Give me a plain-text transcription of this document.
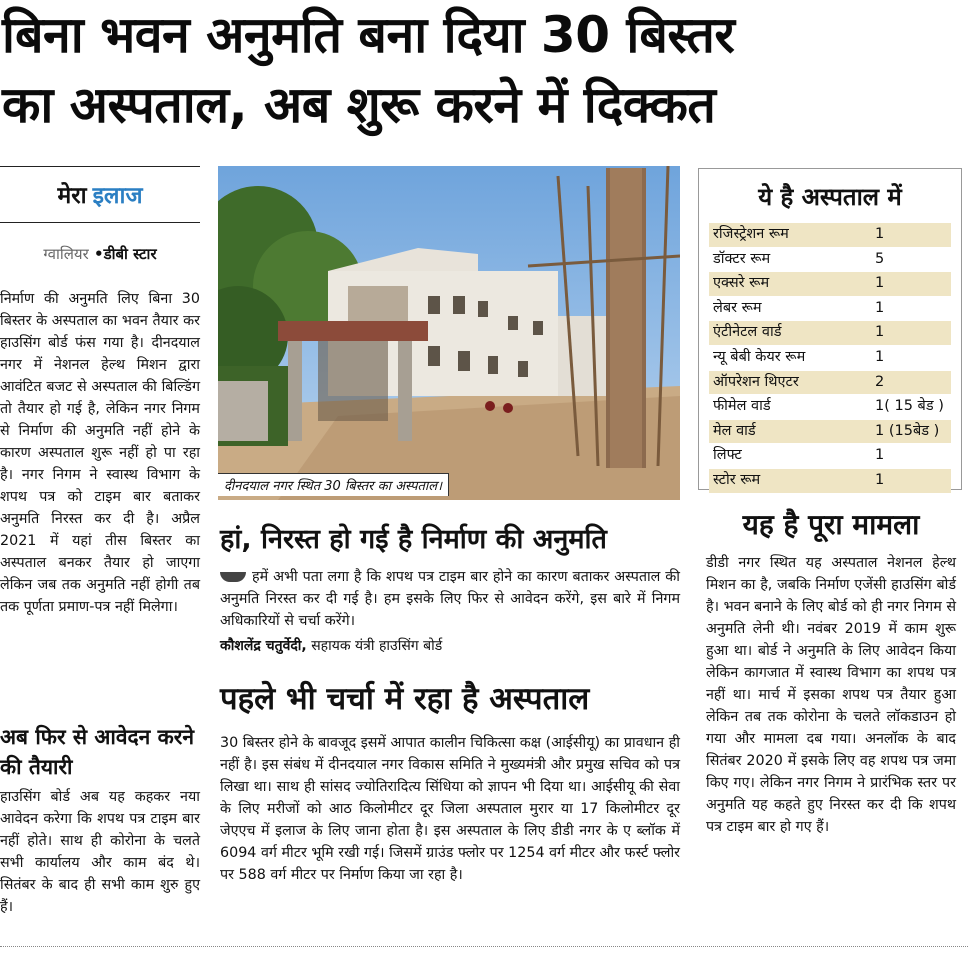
बिना भवन अनुमति बना दिया 30 बिस्तर
का अस्पताल, अब शुरू करने में दिक्कत
मेरा इलाज
ग्वालियर •डीबी स्टार

निर्माण की अनुमति लिए बिना 30 बिस्तर के अस्पताल का भवन तैयार कर हाउसिंग बोर्ड फंस गया है। दीनदयाल नगर में नेशनल हेल्थ मिशन द्वारा आवंटित बजट से अस्पताल की बिल्डिंग तो तैयार हो गई है, लेकिन नगर निगम से निर्माण की अनुमति नहीं होने के कारण अस्पताल शुरू नहीं हो पा रहा है। नगर निगम ने स्वास्थ विभाग के शपथ पत्र को टाइम बार बताकर अनुमति निरस्त कर दी है। अप्रैल 2021 में यहां तीस बिस्तर का अस्पताल बनकर तैयार हो जाएगा लेकिन जब तक अनुमति नहीं होगी तब तक पूर्णता प्रमाण-पत्र नहीं मिलेगा।

अब फिर से आवेदन करने की तैयारी

हाउसिंग बोर्ड अब यह कहकर नया आवेदन करेगा कि शपथ पत्र टाइम बार नहीं होते। साथ ही कोरोना के चलते सभी कार्यालय और काम बंद थे। सितंबर के बाद ही सभी काम शुरु हुए हैं।

दीनदयाल नगर स्थित 30 बिस्तर का अस्पताल।
हां, निरस्त हो गई है निर्माण की अनुमति

हमें अभी पता लगा है कि शपथ पत्र टाइम बार होने का कारण बताकर अस्पताल की अनुमति निरस्त कर दी गई है। हम इसके लिए फिर से आवेदन करेंगे, इस बारे में निगम अधिकारियों से चर्चा करेंगे।

कौशलेंद्र चतुर्वेदी, सहायक यंत्री हाउसिंग बोर्ड
पहले भी चर्चा में रहा है अस्पताल

30 बिस्तर होने के बावजूद इसमें आपात कालीन चिकित्सा कक्ष (आईसीयू) का प्रावधान ही नहीं है। इस संबंध में दीनदयाल नगर विकास समिति ने मुख्यमंत्री और प्रमुख सचिव को पत्र लिखा था। साथ ही सांसद ज्योतिरादित्य सिंधिया को ज्ञापन भी दिया था। आईसीयू की सेवा के लिए मरीजों को आठ किलोमीटर दूर जिला अस्पताल मुरार या 17 किलोमीटर दूर जेएएच में इलाज के लिए जाना होता है। इस अस्पताल के लिए डीडी नगर के ए ब्लॉक में 6094 वर्ग मीटर भूमि रखी गई। जिसमें ग्राउंड फ्लोर पर 1254 वर्ग मीटर और फर्स्ट फ्लोर पर 588 वर्ग मीटर पर निर्माण किया जा रहा है।

ये है अस्पताल में
रजिस्ट्रेशन रूम	1
डॉक्टर रूम	5
एक्सरे रूम	1
लेबर रूम	1
एंटीनेटल वार्ड	1
न्यू बेबी केयर रूम	1
ऑपरेशन थिएटर	2
फीमेल वार्ड	1( 15 बेड )
मेल वार्ड	1 (15बेड )
लिफ्ट	1
स्टोर रूम	1
यह है पूरा मामला

डीडी नगर स्थित यह अस्पताल नेशनल हेल्थ मिशन का है, जबकि निर्माण एजेंसी हाउसिंग बोर्ड है। भवन बनाने के लिए बोर्ड को ही नगर निगम से अनुमति लेनी थी। नवंबर 2019 में काम शुरू हुआ था। बोर्ड ने अनुमति के लिए आवेदन किया लेकिन कागजात में स्वास्थ विभाग का शपथ पत्र नहीं था। मार्च में इसका शपथ पत्र तैयार हुआ लेकिन तब तक कोरोना के चलते लॉकडाउन हो गया और मामला दब गया। अनलॉक के बाद सितंबर 2020 में इसके लिए वह शपथ पत्र जमा किए गए। लेकिन नगर निगम ने प्रारंभिक स्तर पर अनुमति यह कहते हुए निरस्त कर दी कि शपथ पत्र टाइम बार हो गए हैं।
